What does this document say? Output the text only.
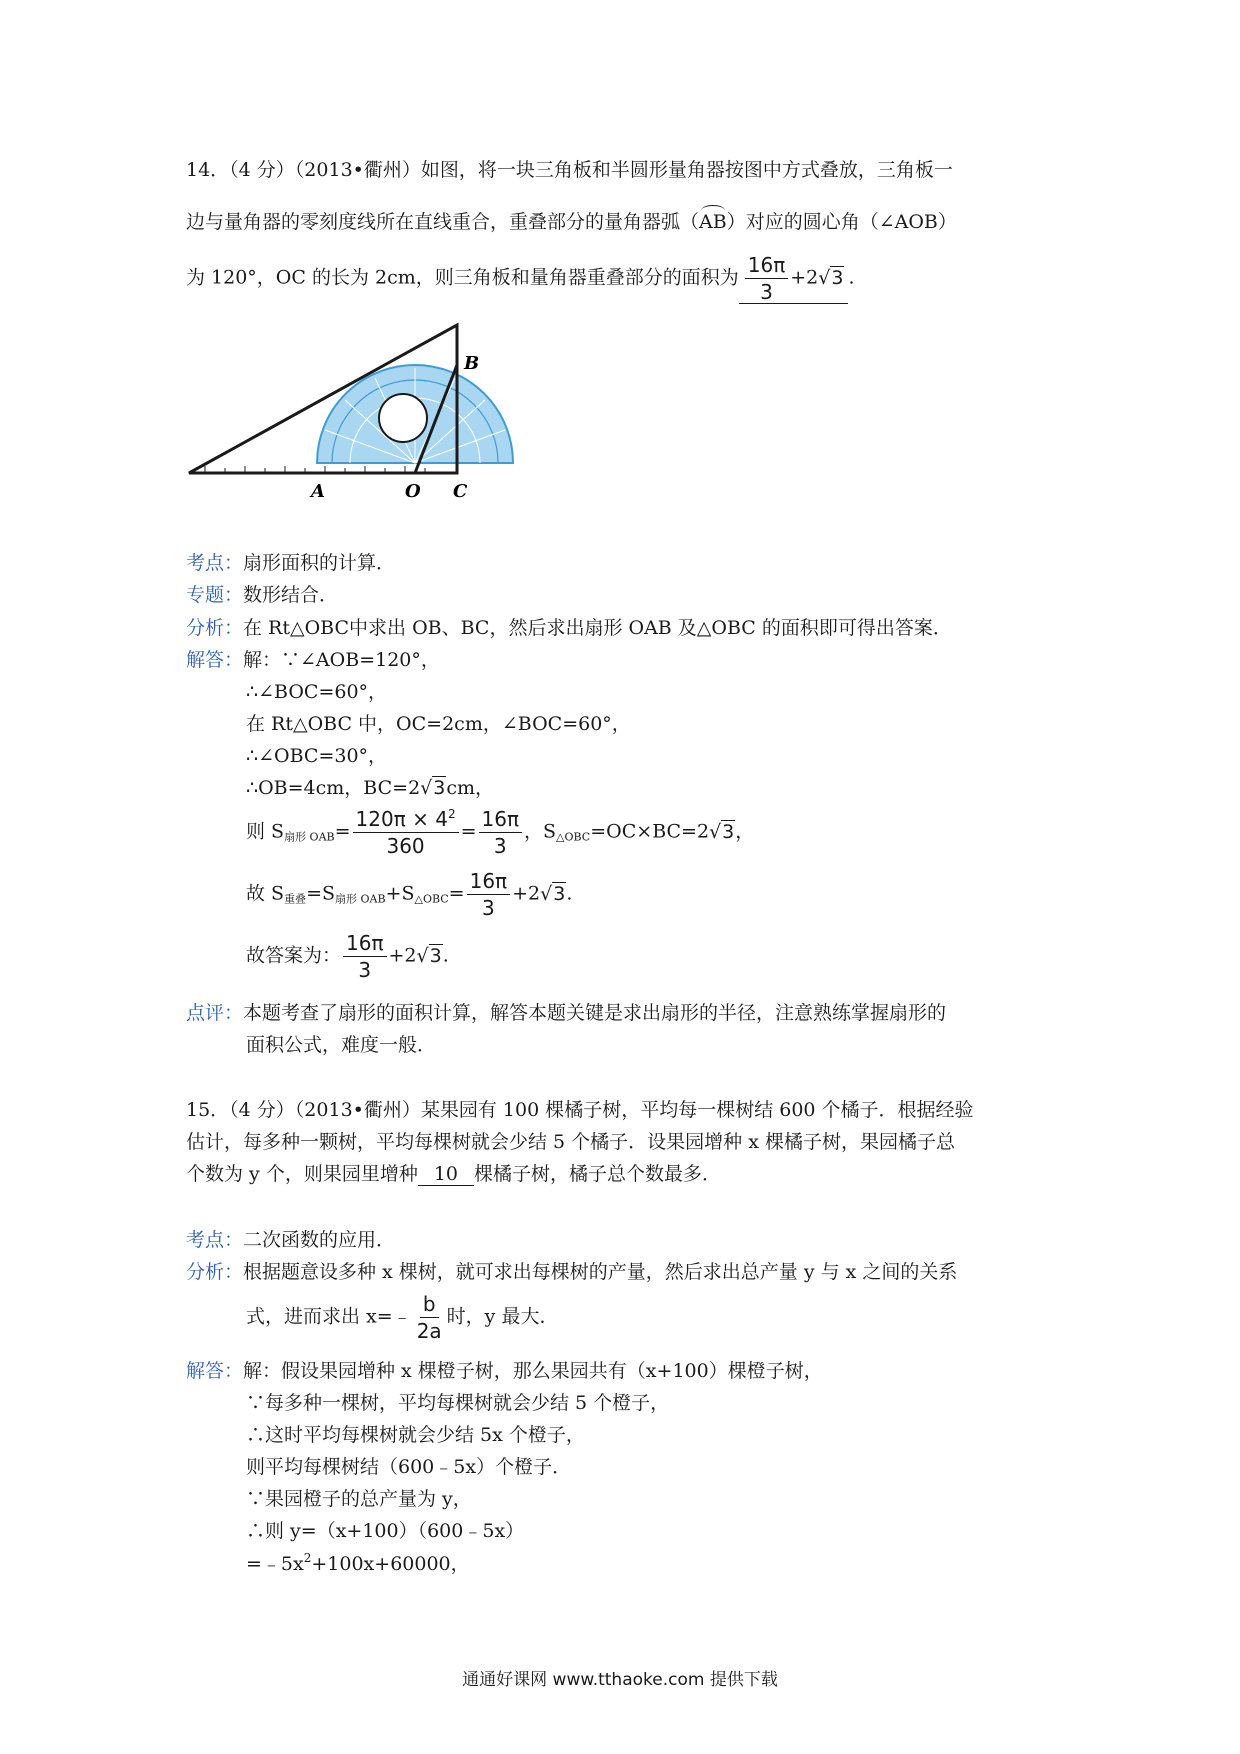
14．（4 分）（2013•衢州）如图，将一块三角板和半圆形量角器按图中方式叠放，三角板一
边与量角器的零刻度线所在直线重合，重叠部分的量角器弧（AB）对应的圆心角（∠AOB）
为 120°，OC 的长为 2cm，则三角板和量角器重叠部分的面积为 $\frac{16\pi}{3} +2√3$ .
A	O C
B
考点：扇形面积的计算．
专题：数形结合．
分析：在 Rt△OBC中求出 OB、BC，然后求出扇形 OAB 及△OBC 的面积即可得出答案．
解答：解：∵∠AOB=120°，
∴∠BOC=60°，
在 Rt△OBC 中，OC=2cm，∠BOC=60°，
∴∠OBC=30°，
∴OB=4cm，BC=2√3cm，
则 $S_{扇形 OAB}= \frac{120\pi \times 4^2}{360} = \frac{16\pi}{3}$ ，$S_{\triangle OBC}=OC\times BC=2√3$，
故 $S_{重叠}=S_{扇形 OAB}+S_{\triangle OBC}= \frac{16\pi}{3} +2√3$.
故答案为： $\frac{16\pi}{3} +2√3$.
点评：本题考查了扇形的面积计算，解答本题关键是求出扇形的半径，注意熟练掌握扇形的
面积公式，难度一般．
15．（4 分）（2013•衢州）某果园有 100 棵橘子树，平均每一棵树结 600 个橘子．根据经验
估计，每多种一颗树，平均每棵树就会少结 5 个橘子．设果园增种 x 棵橘子树，果园橘子总
个数为 y 个，则果园里增种 10 棵橘子树，橘子总个数最多．
考点：二次函数的应用．
分析：根据题意设多种 x 棵树，就可求出每棵树的产量，然后求出总产量 y 与 x 之间的关系
式，进而求出 x=﹣ $\frac{b}{2a}$ 时，y 最大．
解答：解：假设果园增种 x 棵橙子树，那么果园共有（x+100）棵橙子树，
∵每多种一棵树，平均每棵树就会少结 5 个橙子，
∴这时平均每棵树就会少结 5x 个橙子，
则平均每棵树结（600﹣5x）个橙子．
∵果园橙子的总产量为 y，
∴则 y=（x+100）（600﹣5x）
$=﹣5x^2+100x+60000$，
通通好课网 www.tthaoke.com 提供下载
